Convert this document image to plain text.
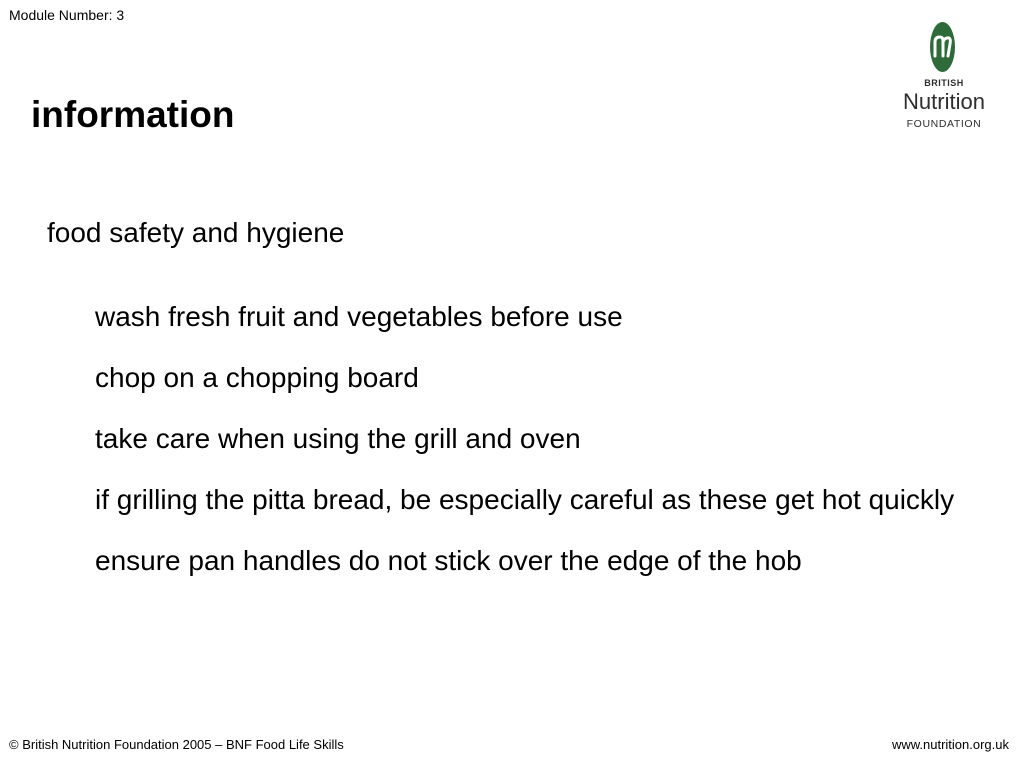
Module Number: 3
information
BRITISH
Nutrition
FOUNDATION
food safety and hygiene
wash fresh fruit and vegetables before use
chop on a chopping board
take care when using the grill and oven
if grilling the pitta bread, be especially careful as these get hot quickly
ensure pan handles do not stick over the edge of the hob
© British Nutrition Foundation 2005 – BNF Food Life Skills	www.nutrition.org.uk
